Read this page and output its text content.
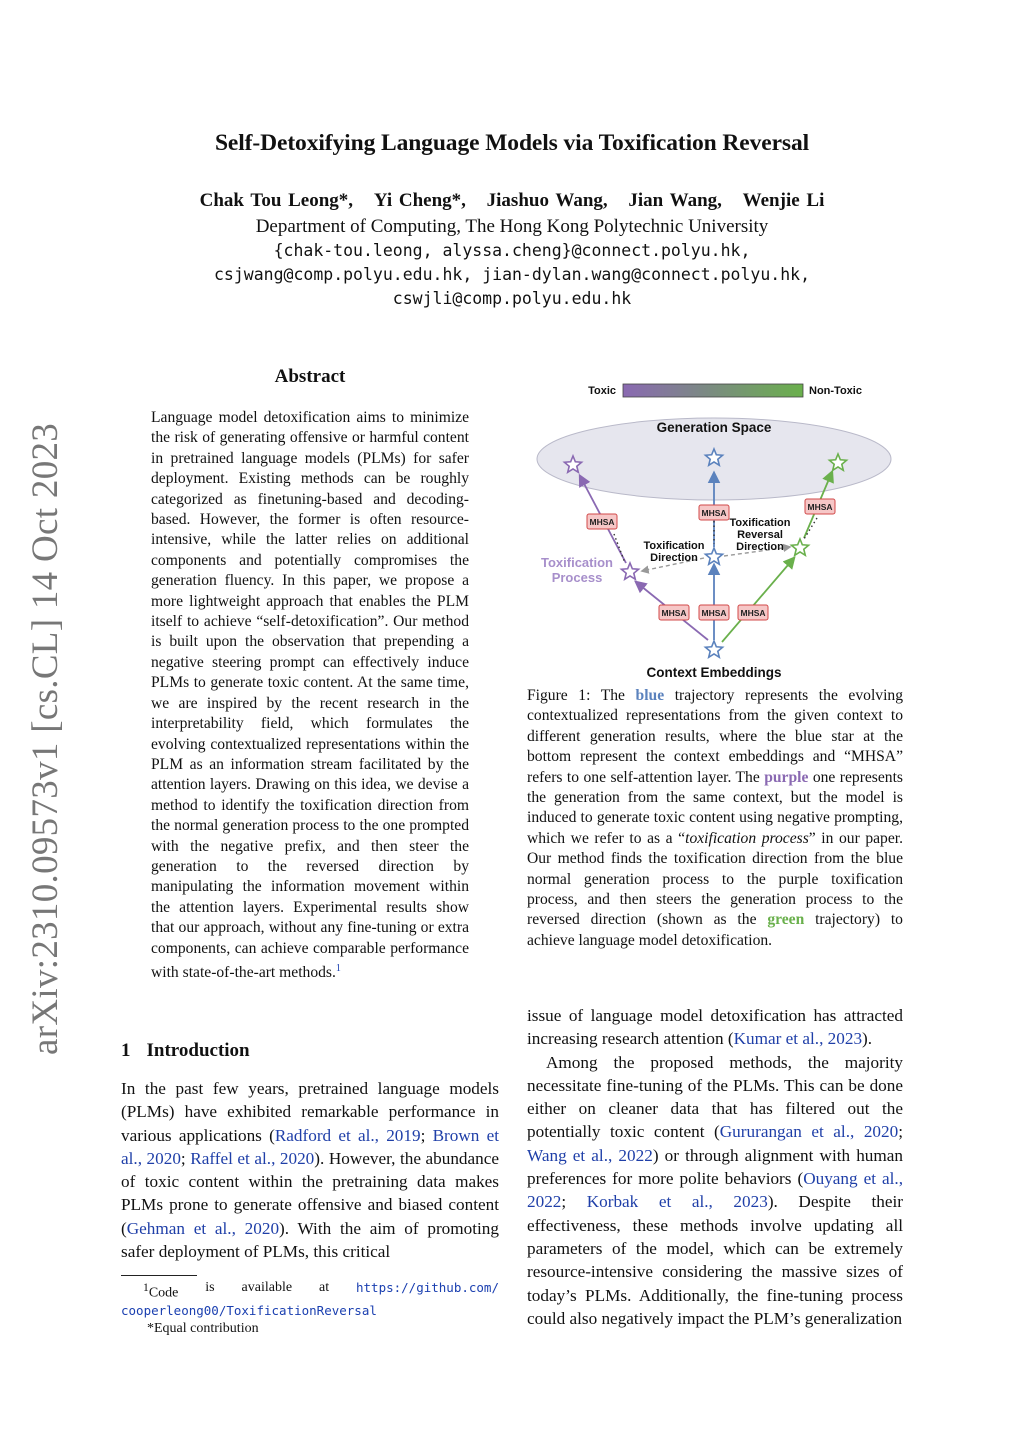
arXiv:2310.09573v1 [cs.CL] 14 Oct 2023
Self-Detoxifying Language Models via Toxification Reversal
Chak Tou Leong*, Yi Cheng*, Jiashuo Wang, Jian Wang, Wenjie Li
Department of Computing, The Hong Kong Polytechnic University
{chak-tou.leong, alyssa.cheng}@connect.polyu.hk,
csjwang@comp.polyu.edu.hk, jian-dylan.wang@connect.polyu.hk,
cswjli@comp.polyu.edu.hk
Abstract
Language model detoxification aims to minimize the risk of generating offensive or harmful content in pretrained language models (PLMs) for safer deployment. Existing methods can be roughly categorized as finetuning-based and decoding-based. However, the former is often resource-intensive, while the latter relies on additional components and potentially compromises the generation fluency. In this paper, we propose a more lightweight approach that enables the PLM itself to achieve “self-detoxification”. Our method is built upon the observation that prepending a negative steering prompt can effectively induce PLMs to generate toxic content. At the same time, we are inspired by the recent research in the interpretability field, which formulates the evolving contextualized representations within the PLM as an information stream facilitated by the attention layers. Drawing on this idea, we devise a method to identify the toxification direction from the normal generation process to the one prompted with the negative prefix, and then steer the generation to the reversed direction by manipulating the information movement within the attention layers. Experimental results show that our approach, without any fine-tuning or extra components, can achieve comparable performance with state-of-the-art methods.$^1$
1 Introduction
In the past few years, pretrained language models (PLMs) have exhibited remarkable performance in various applications (Radford et al., 2019; Brown et al., 2020; Raffel et al., 2020). However, the abundance of toxic content within the pretraining data makes PLMs prone to generate offensive and biased content (Gehman et al., 2020). With the aim of promoting safer deployment of PLMs, this critical
$^1$Code is available at https://github.com/
cooperleong00/ToxificationReversal
*Equal contribution
Toxic	Non-Toxic
Generation Space
MHSA
MHSA
MHSA
MHSA MHSA MHSA
Toxification
Process
Toxification
Direction
Toxification
Reversal
Direction
Context Embeddings
Figure 1: The blue trajectory represents the evolving contextualized representations from the given context to different generation results, where the blue star at the bottom represent the context embeddings and “MHSA” refers to one self-attention layer. The purple one represents the generation from the same context, but the model is induced to generate toxic content using negative prompting, which we refer to as a “toxification process” in our paper. Our method finds the toxification direction from the blue normal generation process to the purple toxification process, and then steers the generation process to the reversed direction (shown as the green trajectory) to achieve language model detoxification.

issue of language model detoxification has attracted increasing research attention (Kumar et al., 2023).

Among the proposed methods, the majority necessitate fine-tuning of the PLMs. This can be done either on cleaner data that has filtered out the potentially toxic content (Gururangan et al., 2020; Wang et al., 2022) or through alignment with human preferences for more polite behaviors (Ouyang et al., 2022; Korbak et al., 2023). Despite their effectiveness, these methods involve updating all parameters of the model, which can be extremely resource-intensive considering the massive sizes of today’s PLMs. Additionally, the fine-tuning process could also negatively impact the PLM’s generalization
